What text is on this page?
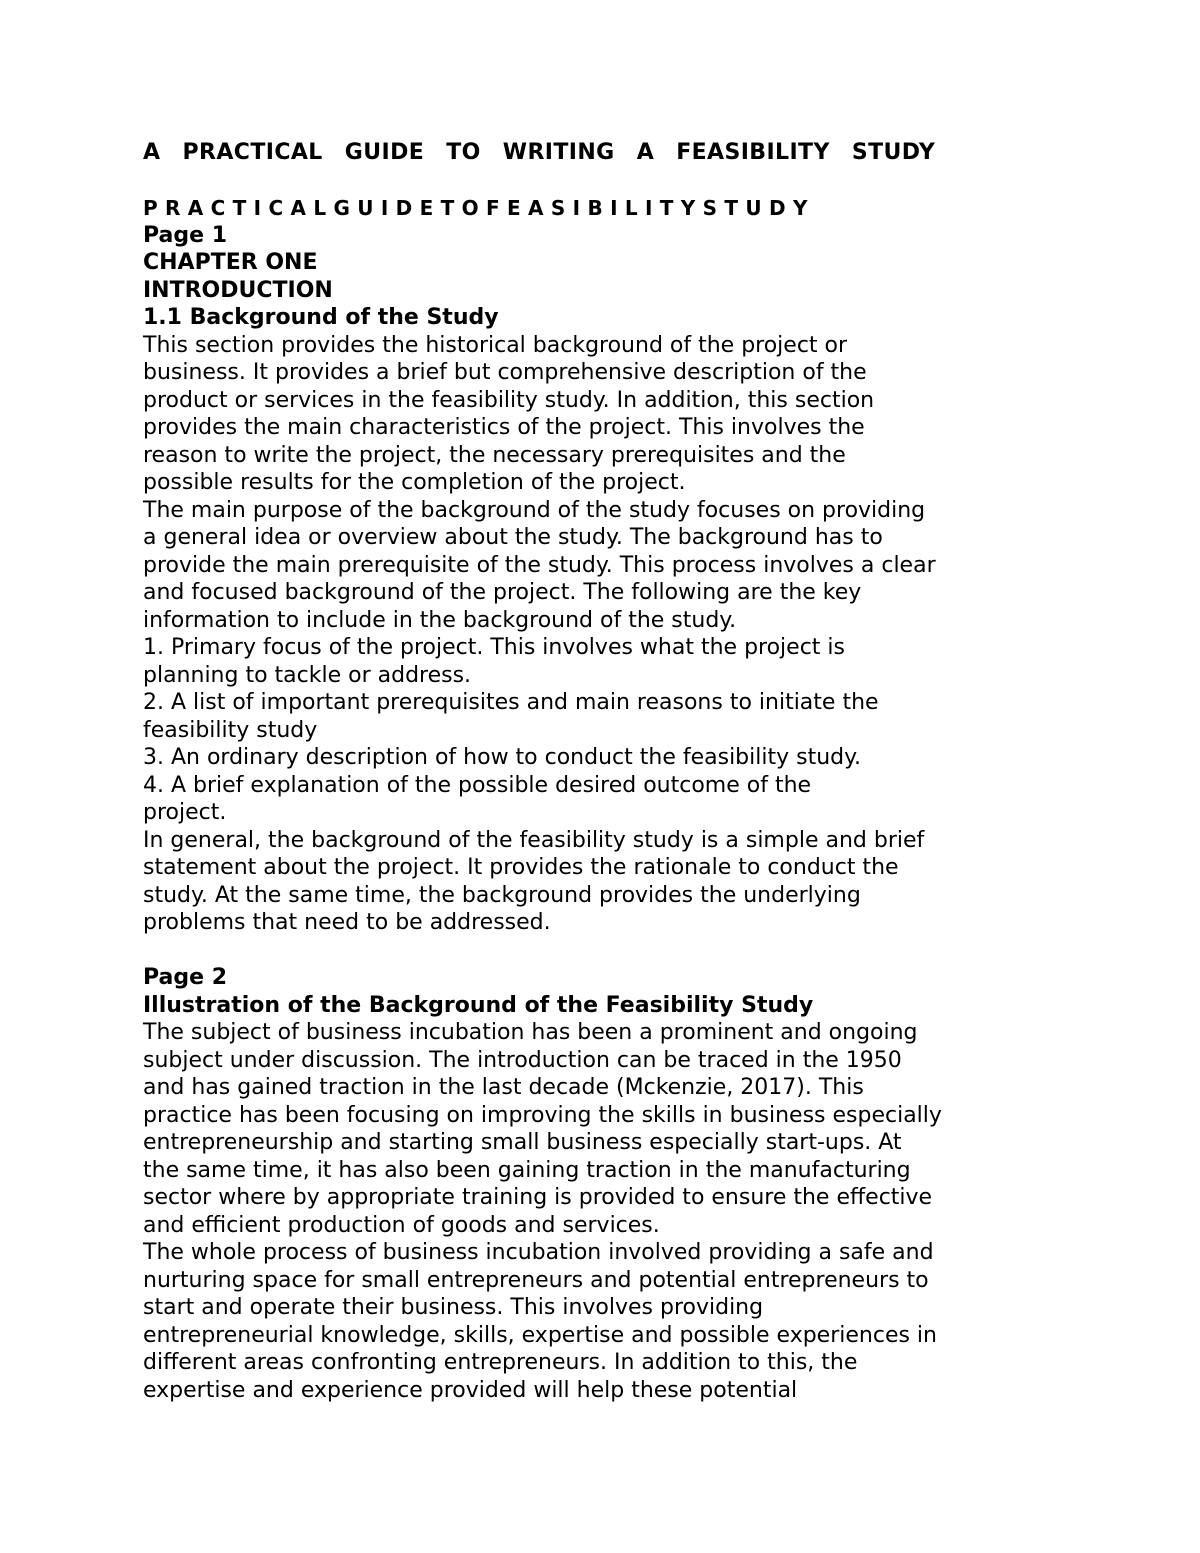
A PRACTICAL GUIDE TO WRITING A FEASIBILITY STUDY
P R A C T I C A L G U I D E T O F E A S I B I L I T Y S T U D Y
Page 1
CHAPTER ONE
INTRODUCTION
1.1 Background of the Study
This section provides the historical background of the project or
business. It provides a brief but comprehensive description of the
product or services in the feasibility study. In addition, this section
provides the main characteristics of the project. This involves the
reason to write the project, the necessary prerequisites and the
possible results for the completion of the project.
The main purpose of the background of the study focuses on providing
a general idea or overview about the study. The background has to
provide the main prerequisite of the study. This process involves a clear
and focused background of the project. The following are the key
information to include in the background of the study.
1. Primary focus of the project. This involves what the project is
planning to tackle or address.
2. A list of important prerequisites and main reasons to initiate the
feasibility study
3. An ordinary description of how to conduct the feasibility study.
4. A brief explanation of the possible desired outcome of the
project.
In general, the background of the feasibility study is a simple and brief
statement about the project. It provides the rationale to conduct the
study. At the same time, the background provides the underlying
problems that need to be addressed.
Page 2
Illustration of the Background of the Feasibility Study
The subject of business incubation has been a prominent and ongoing
subject under discussion. The introduction can be traced in the 1950
and has gained traction in the last decade (Mckenzie, 2017). This
practice has been focusing on improving the skills in business especially
entrepreneurship and starting small business especially start-ups. At
the same time, it has also been gaining traction in the manufacturing
sector where by appropriate training is provided to ensure the effective
and efficient production of goods and services.
The whole process of business incubation involved providing a safe and
nurturing space for small entrepreneurs and potential entrepreneurs to
start and operate their business. This involves providing
entrepreneurial knowledge, skills, expertise and possible experiences in
different areas confronting entrepreneurs. In addition to this, the
expertise and experience provided will help these potential
